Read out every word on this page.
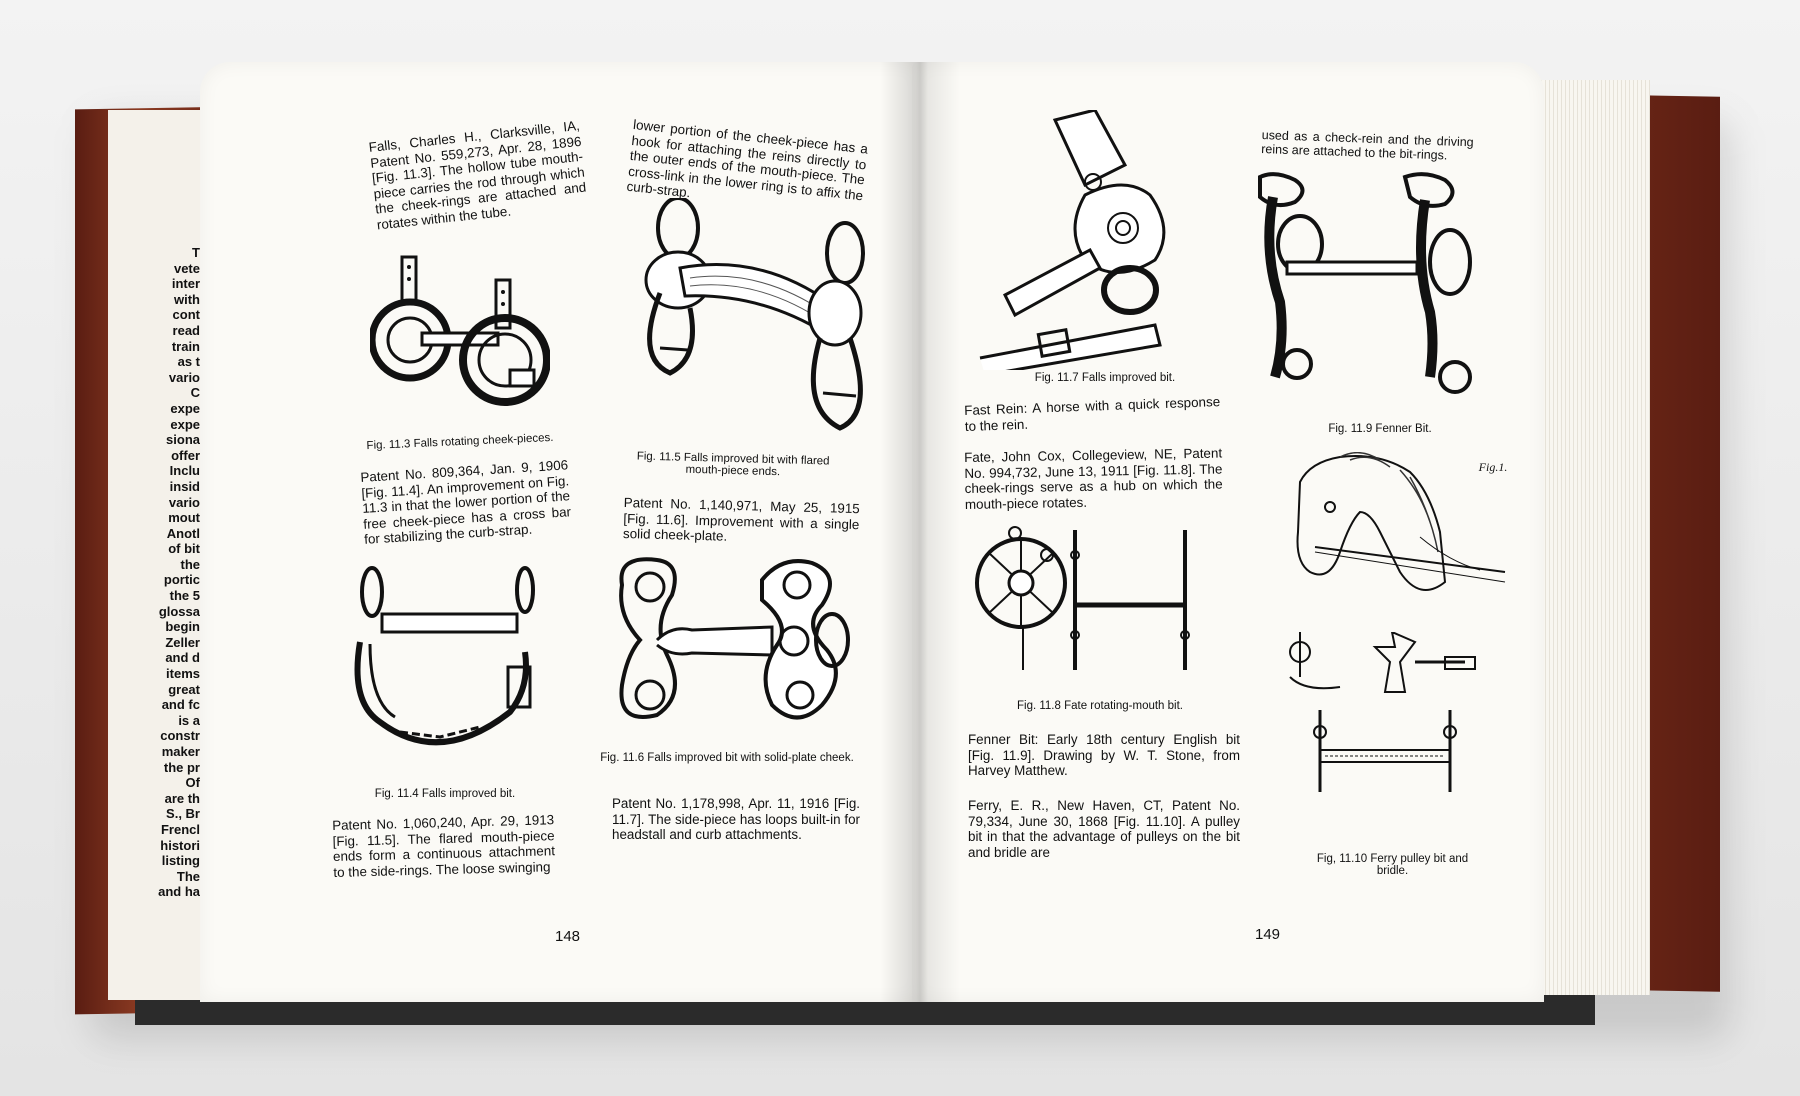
T
vete
inter
with
cont
read
train
as t
vario
C
expe
expe
siona
offer
Inclu
insid
vario
mout
Anotl
of bit
the
portic
the 5
glossa
begin
Zeller
and d
items
great
and fc
is a
constr
maker
the pr
Of
are th
S., Br
Frencl
histori
listing
The
and ha
Falls, Charles H., Clarksville, IA, Patent No. 559,273, Apr. 28, 1896 [Fig. 11.3]. The hollow tube mouth-piece carries the rod through which the cheek-rings are attached and rotates within the tube.
Fig. 11.3 Falls rotating cheek-pieces.
Patent No. 809,364, Jan. 9, 1906 [Fig. 11.4]. An improvement on Fig. 11.3 in that the lower portion of the free cheek-piece has a cross bar for stabilizing the curb-strap.
Fig. 11.4 Falls improved bit.
Patent No. 1,060,240, Apr. 29, 1913 [Fig. 11.5]. The flared mouth-piece ends form a continuous attachment to the side-rings. The loose swinging
lower portion of the cheek-piece has a hook for attaching the reins directly to the outer ends of the mouth-piece. The cross-link in the lower ring is to affix the curb-strap.
Fig. 11.5 Falls improved bit with flared mouth-piece ends.
Patent No. 1,140,971, May 25, 1915 [Fig. 11.6]. Improvement with a single solid cheek-plate.
Fig. 11.6 Falls improved bit with solid-plate cheek.
Patent No. 1,178,998, Apr. 11, 1916 [Fig. 11.7]. The side-piece has loops built-in for headstall and curb attachments.
148
Fig. 11.7 Falls improved bit.
Fast Rein: A horse with a quick response to the rein.
Fate, John Cox, Collegeview, NE, Patent No. 994,732, June 13, 1911 [Fig. 11.8]. The cheek-rings serve as a hub on which the mouth-piece rotates.
Fig. 11.8 Fate rotating-mouth bit.
Fenner Bit: Early 18th century English bit [Fig. 11.9]. Drawing by W. T. Stone, from Harvey Matthew.
Ferry, E. R., New Haven, CT, Patent No. 79,334, June 30, 1868 [Fig. 11.10]. A pulley bit in that the advantage of pulleys on the bit and bridle are
149
used as a check-rein and the driving reins are attached to the bit-rings.
Fig. 11.9 Fenner Bit.
Fig.1.
Fig, 11.10 Ferry pulley bit and bridle.
